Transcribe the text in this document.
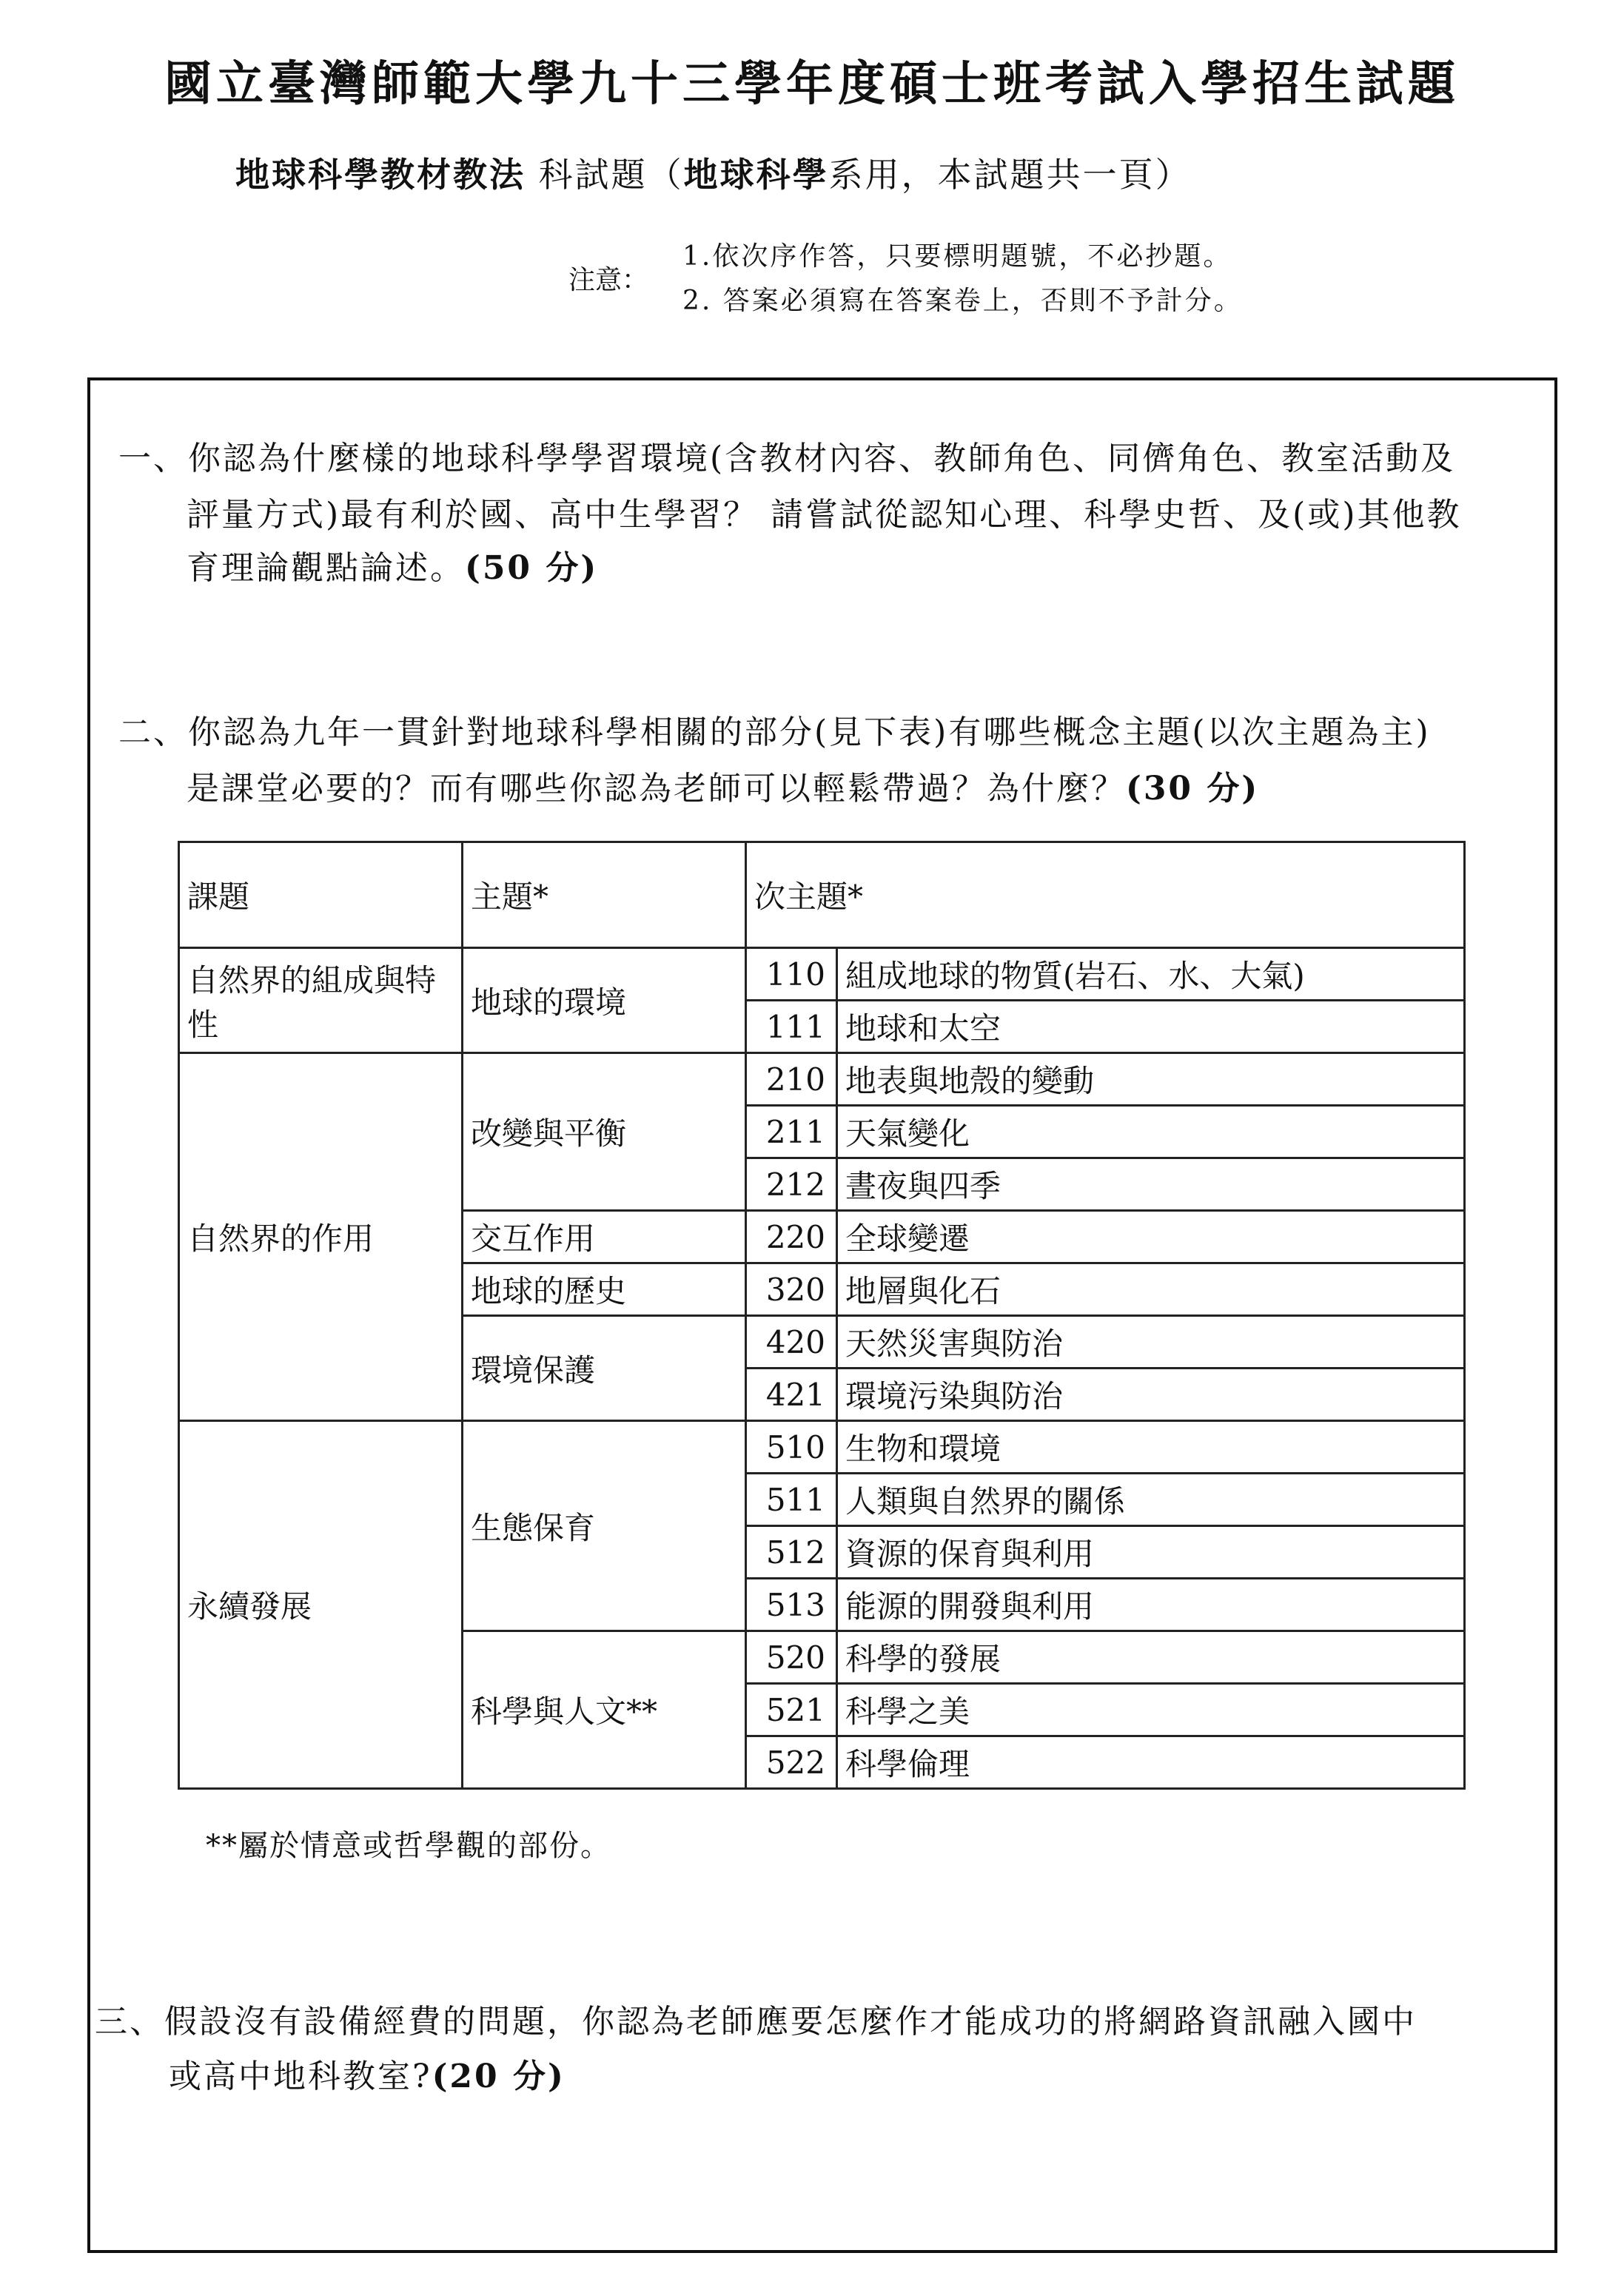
國立臺灣師範大學九十三學年度碩士班考試入學招生試題
地球科學教材教法 科試題（地球科學系用，本試題共一頁）
注意：
1.依次序作答，只要標明題號，不必抄題。
2. 答案必須寫在答案卷上，否則不予計分。
一、你認為什麼樣的地球科學學習環境(含教材內容、教師角色、同儕角色、教室活動及
評量方式)最有利於國、高中生學習？ 請嘗試從認知心理、科學史哲、及(或)其他教
育理論觀點論述。(50 分)
二、你認為九年一貫針對地球科學相關的部分(見下表)有哪些概念主題(以次主題為主)
是課堂必要的？而有哪些你認為老師可以輕鬆帶過？為什麼？(30 分)
課題	主題*	次主題*	
自然界的組成與特性	地球的環境	110	組成地球的物質(岩石、水、大氣)
		111	地球和太空
自然界的作用	改變與平衡	210	地表與地殼的變動
		211	天氣變化
		212	晝夜與四季
	交互作用	220	全球變遷
	地球的歷史	320	地層與化石
	環境保護	420	天然災害與防治
		421	環境污染與防治
永續發展	生態保育	510	生物和環境
		511	人類與自然界的關係
		512	資源的保育與利用
		513	能源的開發與利用
	科學與人文**	520	科學的發展
		521	科學之美
		522	科學倫理
**屬於情意或哲學觀的部份。
三、假設沒有設備經費的問題，你認為老師應要怎麼作才能成功的將網路資訊融入國中
或高中地科教室?(20 分)
